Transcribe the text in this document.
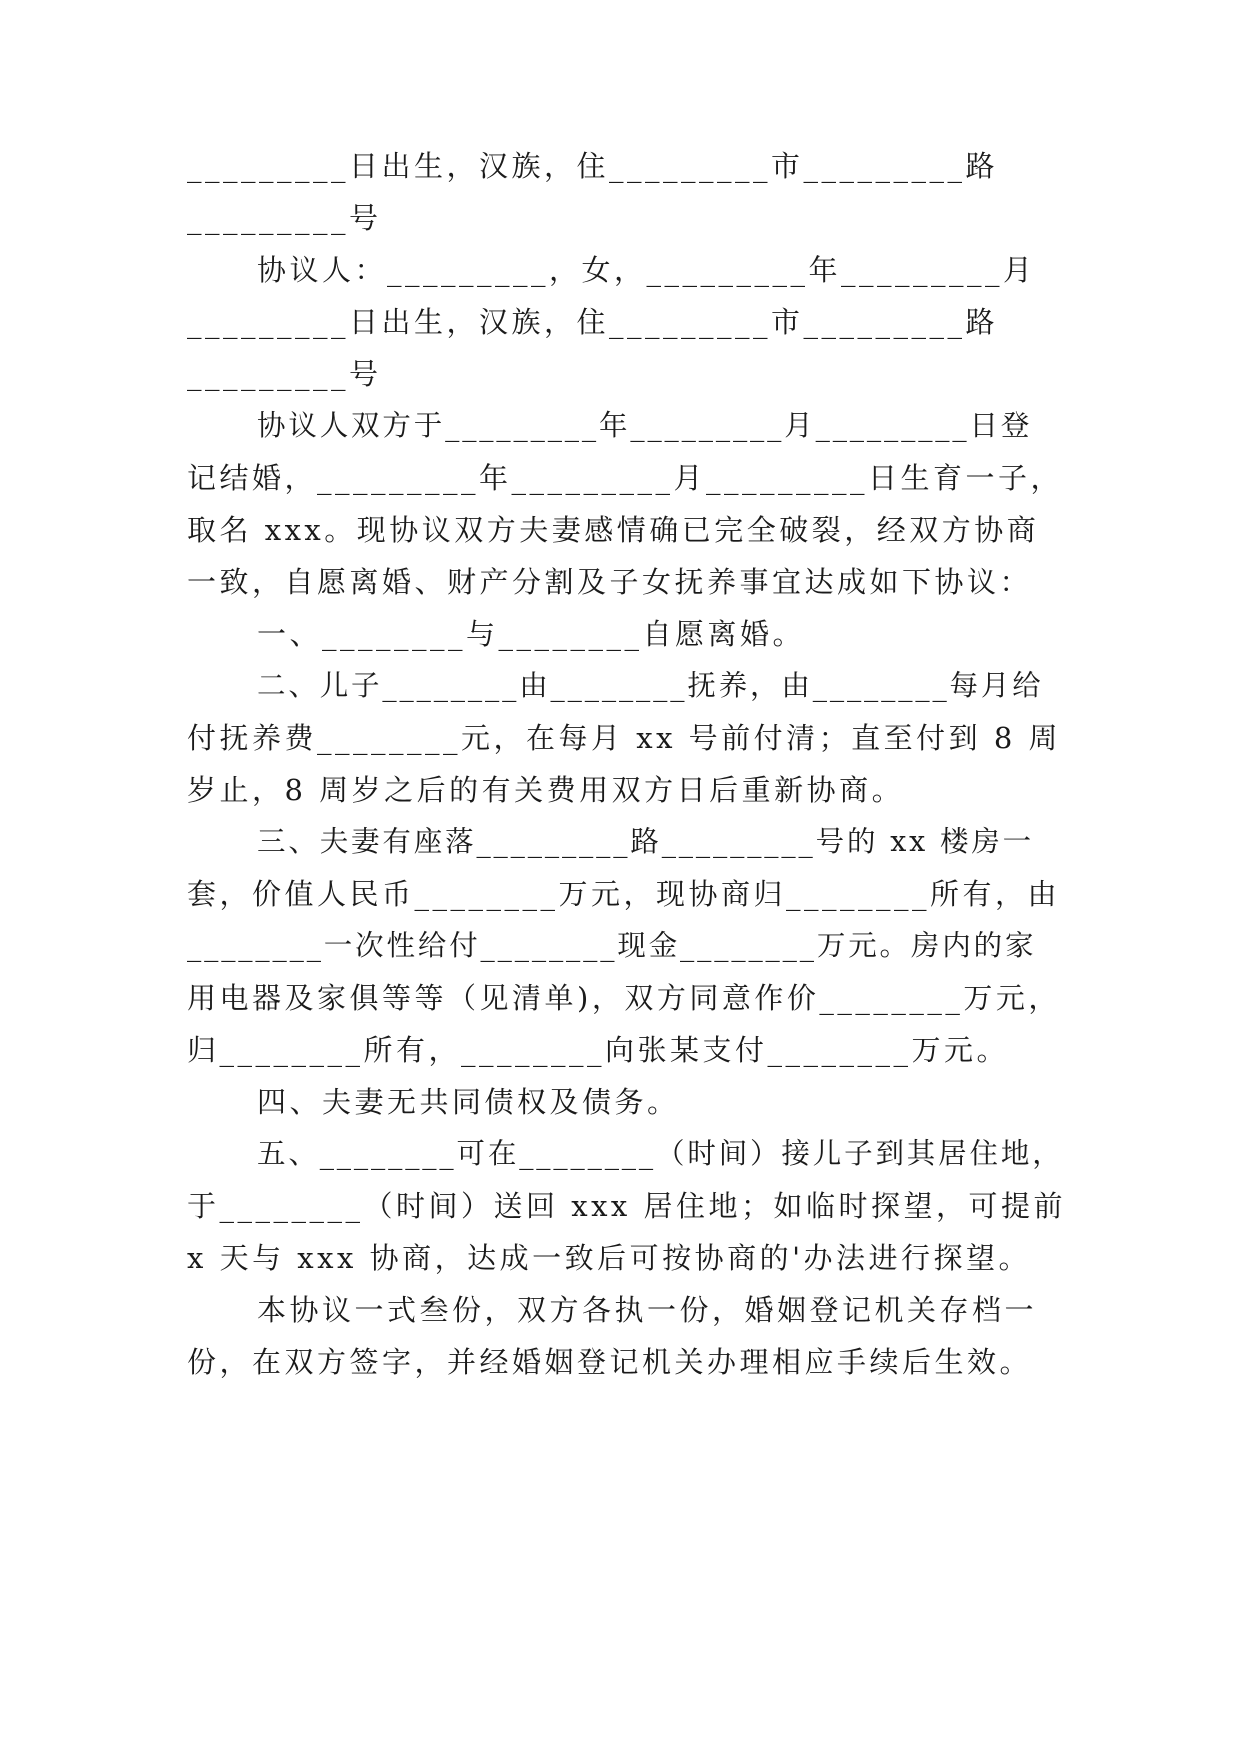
_________日出生，汉族，住_________市_________路
_________号
协议人：_________，女，_________年_________月
_________日出生，汉族，住_________市_________路
_________号
协议人双方于_________年_________月_________日登
记结婚，_________年_________月_________日生育一子，
取名 xxx。现协议双方夫妻感情确已完全破裂，经双方协商
一致，自愿离婚、财产分割及子女抚养事宜达成如下协议：
一、________与________自愿离婚。
二、儿子________由________抚养，由________每月给
付抚养费________元，在每月 xx 号前付清；直至付到 8 周
岁止，8 周岁之后的有关费用双方日后重新协商。
三、夫妻有座落_________路_________号的 xx 楼房一
套，价值人民币________万元，现协商归________所有，由
________一次性给付________现金________万元。房内的家
用电器及家俱等等（见清单)，双方同意作价________万元，
归________所有，________向张某支付________万元。
四、夫妻无共同债权及债务。
五、________可在________（时间）接儿子到其居住地，
于________（时间）送回 xxx 居住地；如临时探望，可提前
x 天与 xxx 协商，达成一致后可按协商的'办法进行探望。
本协议一式叁份，双方各执一份，婚姻登记机关存档一
份，在双方签字，并经婚姻登记机关办理相应手续后生效。
